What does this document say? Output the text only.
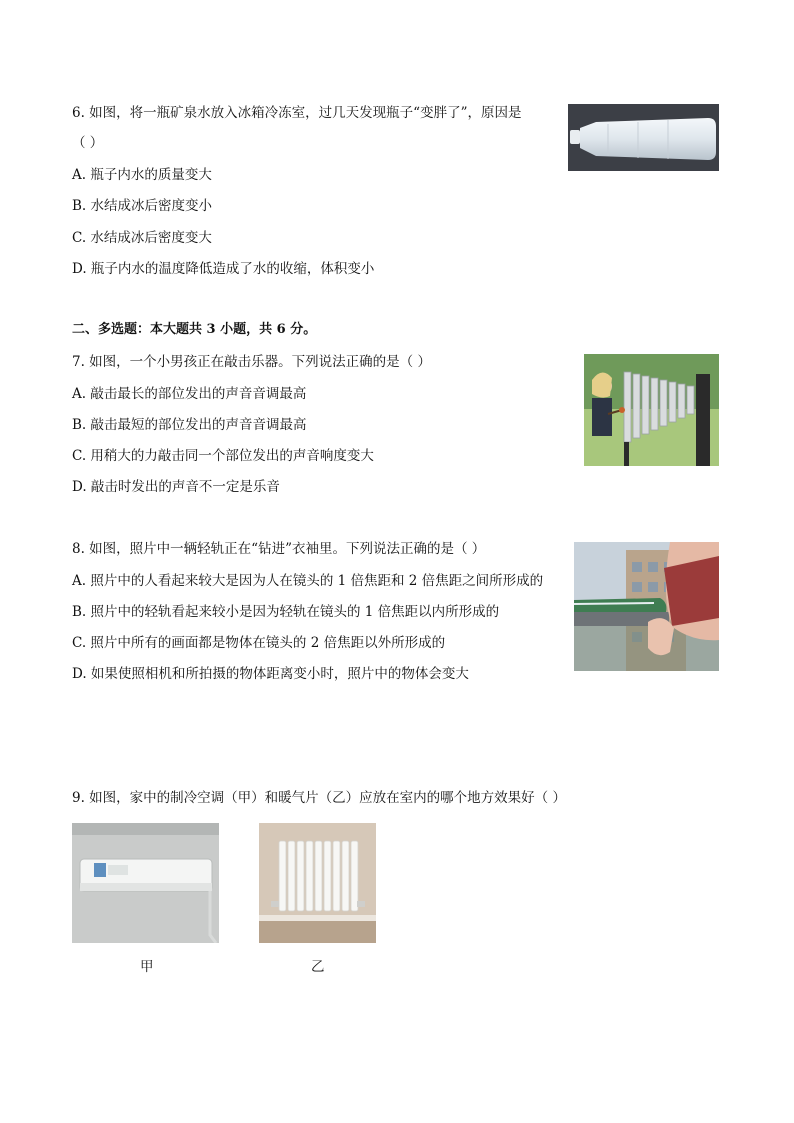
6. 如图，将一瓶矿泉水放入冰箱冷冻室，过几天发现瓶子“变胖了”，原因是
（ ）
A. 瓶子内水的质量变大
B. 水结成冰后密度变小
C. 水结成冰后密度变大
D. 瓶子内水的温度降低造成了水的收缩，体积变小
二、多选题：本大题共 3 小题，共 6 分。
7. 如图，一个小男孩正在敲击乐器。下列说法正确的是（ ）
A. 敲击最长的部位发出的声音音调最高
B. 敲击最短的部位发出的声音音调最高
C. 用稍大的力敲击同一个部位发出的声音响度变大
D. 敲击时发出的声音不一定是乐音
8. 如图，照片中一辆轻轨正在“钻进”衣袖里。下列说法正确的是（ ）
A. 照片中的人看起来较大是因为人在镜头的 1 倍焦距和 2 倍焦距之间所形成的
B. 照片中的轻轨看起来较小是因为轻轨在镜头的 1 倍焦距以内所形成的
C. 照片中所有的画面都是物体在镜头的 2 倍焦距以外所形成的
D. 如果使照相机和所拍摄的物体距离变小时，照片中的物体会变大
9. 如图，家中的制冷空调（甲）和暖气片（乙）应放在室内的哪个地方效果好（ ）
甲	乙
